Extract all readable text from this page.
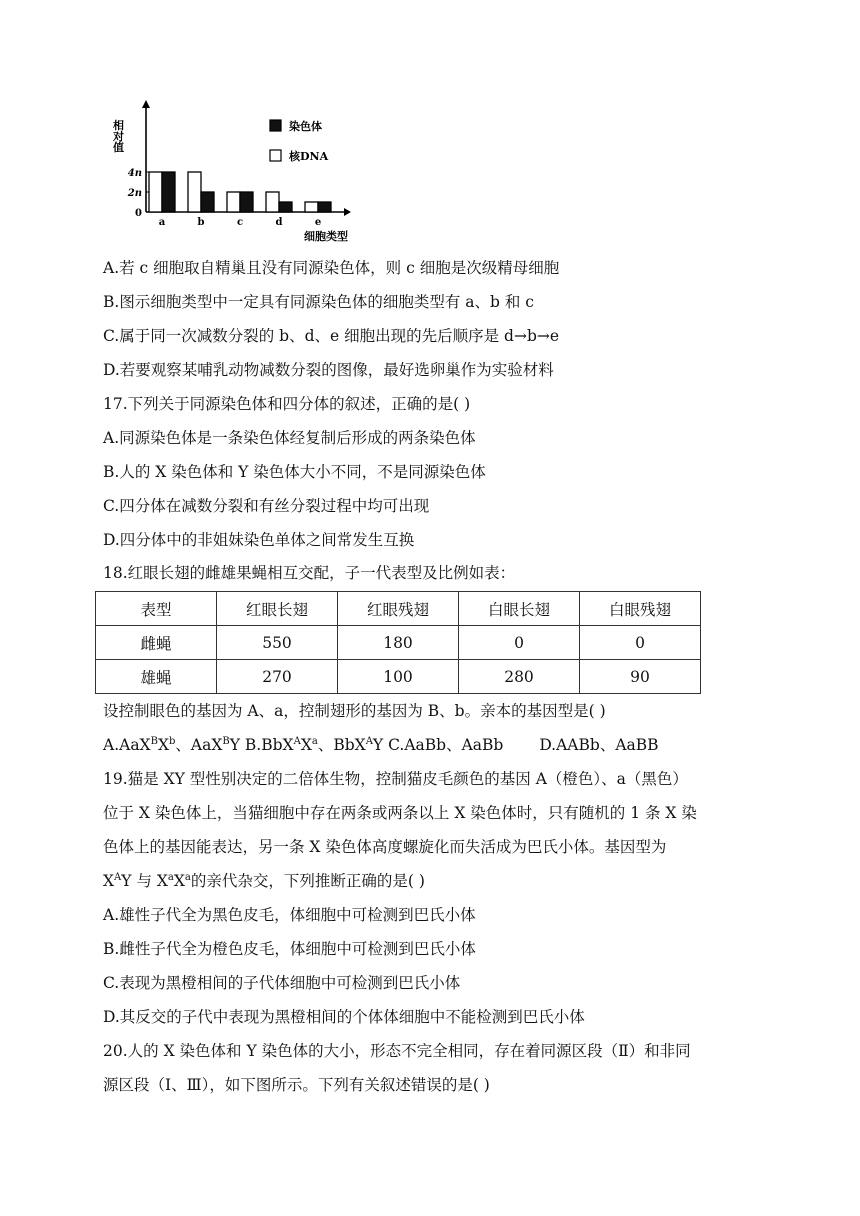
相对值
0
2n
4n
a	b	c	d	e
细胞类型
染色体
核DNA
A.若 c 细胞取自精巢且没有同源染色体，则 c 细胞是次级精母细胞
B.图示细胞类型中一定具有同源染色体的细胞类型有 a、b 和 c
C.属于同一次减数分裂的 b、d、e 细胞出现的先后顺序是 d→b→e
D.若要观察某哺乳动物减数分裂的图像，最好选卵巢作为实验材料
17.下列关于同源染色体和四分体的叙述，正确的是( )
A.同源染色体是一条染色体经复制后形成的两条染色体
B.人的 X 染色体和 Y 染色体大小不同，不是同源染色体
C.四分体在减数分裂和有丝分裂过程中均可出现
D.四分体中的非姐妹染色单体之间常发生互换
18.红眼长翅的雌雄果蝇相互交配，子一代表型及比例如表：
表型	红眼长翅	红眼残翅	白眼长翅	白眼残翅
雌蝇	550	180	0	0
雄蝇	270	100	280	90
设控制眼色的基因为 A、a，控制翅形的基因为 B、b。亲本的基因型是( )
$A.AaX^BX^b$、AaX$^B$Y $B.BbX^AX^a$、BbX$^A$Y C.AaBb、AaBb D.AABb、AaBB
19.猫是 XY 型性别决定的二倍体生物，控制猫皮毛颜色的基因 A（橙色）、a（黑色）
位于 X 染色体上，当猫细胞中存在两条或两条以上 X 染色体时，只有随机的 1 条 X 染
色体上的基因能表达，另一条 X 染色体高度螺旋化而失活成为巴氏小体。基因型为
$X^AY$ 与 $X^aX^a$的亲代杂交，下列推断正确的是( )
A.雄性子代全为黑色皮毛，体细胞中可检测到巴氏小体
B.雌性子代全为橙色皮毛，体细胞中可检测到巴氏小体
C.表现为黑橙相间的子代体细胞中可检测到巴氏小体
D.其反交的子代中表现为黑橙相间的个体体细胞中不能检测到巴氏小体
20.人的 X 染色体和 Y 染色体的大小，形态不完全相同，存在着同源区段（Ⅱ）和非同
源区段（Ⅰ、Ⅲ），如下图所示。下列有关叙述错误的是( )
